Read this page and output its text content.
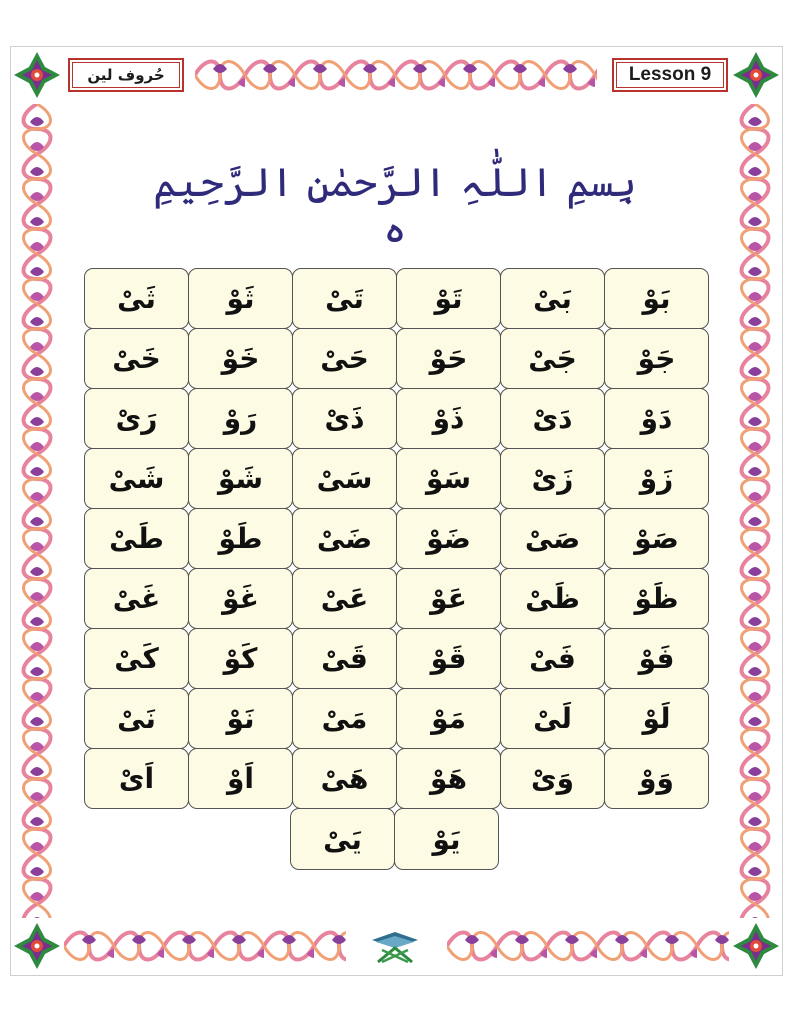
حُروف لین	Lesson 9
بِسمِ اللّٰہِ الرَّحمٰنِ الرَّحِیمِ ہ
بَوْ
بَیْ
تَوْ
تَیْ
ثَوْ
ثَیْ
جَوْ
جَیْ
حَوْ
حَیْ
خَوْ
خَیْ
دَوْ
دَیْ
ذَوْ
ذَیْ
رَوْ
رَیْ
زَوْ
زَیْ
سَوْ
سَیْ
شَوْ
شَیْ
صَوْ
صَیْ
ضَوْ
ضَیْ
طَوْ
طَیْ
ظَوْ
ظَیْ
عَوْ
عَیْ
غَوْ
غَیْ
فَوْ
فَیْ
قَوْ
قَیْ
کَوْ
کَیْ
لَوْ
لَیْ
مَوْ
مَیْ
نَوْ
نَیْ
وَوْ
وَیْ
ھَوْ
ھَیْ
اَوْ
اَیْ
یَوْ
یَیْ
